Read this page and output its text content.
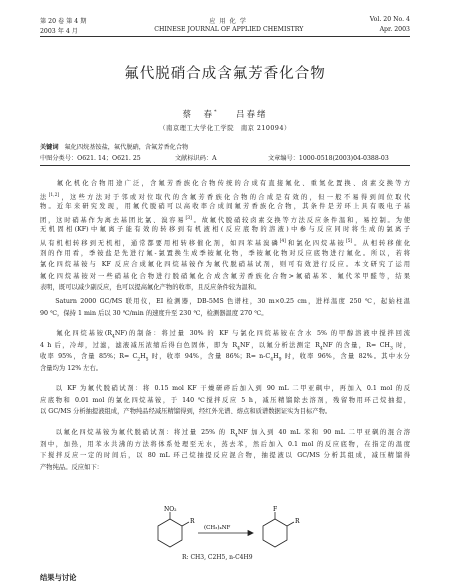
第 20 卷 第 4 期	应 用 化 学	Vol. 20 No. 4
2003 年 4 月	CHINESE JOURNAL OF APPLIED CHEMISTRY	Apr. 2003
氟代脱硝合成含氟芳香化合物
蔡　春* 吕春绪
（南京理工大学化工学院　南京 210094）
关键词 氟化四烷基铵盐，氟代脱硝，含氟芳香化合物
中图分类号：O621. 14；O621. 25	文献标识码：A	文章编号：1000-0518(2003)04-0388-03
　　氟化机化合物用途广泛，含氟芳香族化合物传统的合成有直接氟化、重氮化置换、卤素交换等方
法[1,2]，这些方法对于邻或对位取代的含氟芳香族化合物的合成是有效的，但一般不易得到间位取代
物。近年来研究发现，用氟代脱硝可以高收率合成间氟芳香族化合物，其条件是芳环上具有吸电子基
团，这时硝基作为离去基团比氯、溴容易[3]。故氟代脱硝较卤素交换等方法反应条件温和，易控制。为使
无机固相(KF)中氟离子能有效的转移到有机液相(反应底物的溶液)中参与反应同时将生成的氯离子
从有机相转移到无机相，通常都要用相转移催化剂，如四苯基溴磷[4]和氯化四烷基铵[5]。从相转移催化
剂的作用看，季铵盐是先进行氟-氯置换生成季铵氟化物，季铵氟化物对反应底物进行氟化。所以，若将
氯化四烷基铵与 KF 反应合成氟化四烷基铵作为氟代脱硝基试剂，则可有效进行反应。本文研究了运用
氟化四烷基铵对一些硝基化合物进行脱硝氟化合成含氟芳香族化合物>氟硝基苯、氟代苯甲醛等，结果
表明，既可以减少副反应，也可以提高氟化产物的收率，且反应条件较为温和。
　　Saturn 2000 GC/MS 联用仪，EI 检测器，DB-5MS 色谱柱，30 m×0.25 cm，进样温度 250 ℃，起始柱温
90 ℃，保持 1 min 后以 30 ℃/min 的速度升至 230 ℃，检测器温度 270 ℃。
　　氟化四烷基铵$(R_4NF)$的制备：将过量 30% 的 KF 与氯化四烷基铵在含水 5% 的甲醇溶液中搅拌回流
4 h 后，冷却，过滤，滤液减压浓缩后得白色固体，即为 $R_4NF$，以氟分析法测定 $R_4NF$ 的含量，$R= CH_3$ 时，
收率 95%，含量 85%；$R= C_2H_5$ 时，收率 94%，含量 86%；$R= n-C_4H_9$ 时，收率 96%，含量 82%。其中水分
含量均为 12% 左右。
　　以 KF 为氟代脱硝试剂：将 0.15 mol KF 干燥研碎后加入到 90 mL 二甲亚砜中，再加入 0.1 mol 的反
应底物和 0.01 mol 的氯化四烷基铵，于 140 ℃搅拌反应 5 h，减压精馏除去溶剂，残留物用环己烷抽提，
以 GC/MS 分析抽提液组成，产物纯品经减压精馏得到，经红外光谱、熔点和质谱数据证实为目标产物。
　　以氟化四烷基铵为氟代脱硝试剂：将过量 25% 的 $R_4NF$ 加入到 40 mL 苯和 90 mL 二甲亚砜的混合溶
剂中，加热，用苯水共沸的方法将体系处理至无水，蒸去苯，然后加入 0.1 mol 的反应底物，在指定的温度
下搅拌反应一定的时间后，以 80 mL 环己烷抽提反应混合物，抽提液以 GC/MS 分析其组成，减压精馏得
产物纯品。反应如下：
NO₂
R
F
R
(CH₃)₄NF
R: CH3, C2H5, n-C4H9
结果与讨论
